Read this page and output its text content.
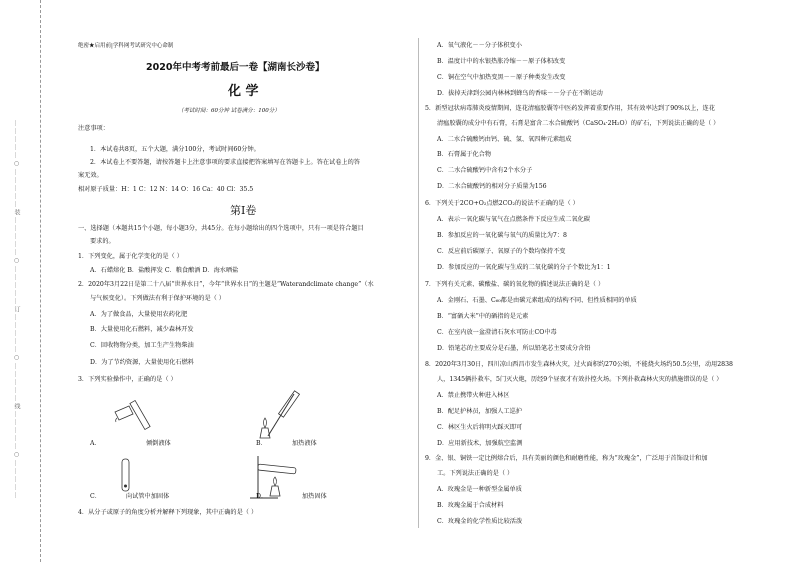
……………○……………装……………○……………订……………○……………线……………○……………
绝密★启用前|学科网考试研究中心命制
2020年中考考前最后一卷【湖南长沙卷】
化 学
（考试时间：60分钟 试卷满分：100分）
注意事项：
1．本试卷共8页，五个大题，满分100分，考试时间60分钟。
2．本试卷上不要答题，请按答题卡上注意事项的要求直接把答案填写在答题卡上。答在试卷上的答
案无效。
相对原子质量：H：1 C：12 N：14 O：16 Ca：40 Cl：35.5
第Ⅰ卷
一、选择题（本题共15个小题，每小题3分，共45分。在每小题给出的四个选项中，只有一项是符合题目
要求的。
1．下列变化，属于化学变化的是（ ）
A．石蜡熔化 B．盐酸挥发 C．粮食酿酒 D．海水晒盐
2．2020年3月22日是第二十八届“世界水日”，今年“世界水日”的主题是“Waterandclimate change”（水
与气候变化）。下列做法有利于保护环境的是（ ）
A．为了做食品，大量使用农药化肥
B．大量使用化石燃料，减少森林开发
C．回收物物分类，加工生产生物柴油
D．为了节约资源，大量使用化石燃料
3．下列实验操作中，正确的是（ ）
A．	倾倒液体	B．	加热液体
C．	向试管中加固体	D．	加热固体
4．从分子或原子的角度分析并解释下列现象，其中正确的是（ ）
A．氧气液化－－分子体积变小
B．温度计中的水银热胀冷缩－－原子体积改变
C．铜在空气中加热变黑－－原子种类发生改变
D．拔掉天津到公园内林林到蜂鸟的香味－－分子在不断运动
5．新型冠状病毒肺炎疫情期间，连花清瘟胶囊等中医药发挥着重要作用，其有效率达到了90%以上，连花
清瘟胶囊的成分中有石膏，石膏是富含二水合硫酸钙（CaSO₄·2H₂O）的矿石，下列说法正确的是（ ）
A．二水合硫酸钙由钙、硫、氢、氧四种元素组成
B．石膏属于化合物
C．二水合硫酸钙中含有2个水分子
D．二水合硫酸钙的相对分子质量为156
6．下列关于2CO+O₂点燃2CO₂的说法不正确的是（ ）
A．表示一氧化碳与氧气在点燃条件下反应生成二氧化碳
B．参加反应的一氧化碳与氧气的质量比为7：8
C．反应前后碳原子、氧原子的个数均保持不变
D．参加反应的一氧化碳与生成的二氧化碳的分子个数比为1：1
7．下列有关元素、碳酸盐、碳的氧化物的描述说法正确的是（ ）
A．金刚石、石墨、C₆₀都是由碳元素组成的结构不同、但性质相同的单质
B．“富硒大米”中的硒指的是元素
C．在室内放一盆澄清石灰水可防止CO中毒
D．铅笔芯的主要成分是石墨，所以铅笔芯主要成分含铅
8．2020年3月30日，四川凉山西昌市发生森林火灾，过火面积约270公顷，不能烧火场约50.5公里，动用2838
人，1345辆扑救车，5门灭火炮，历经9个昼夜才有效扑控火场。下列扑救森林火灾的措施错误的是（ ）
A．禁止携带火种进入林区
B．配足护林员，加强人工巡护
C．林区生火后将明火踩灭即可
D．应用新技术，加强航空监测
9．金、银、铜铁一定比例熔合后，具有美丽的颜色和耐磨性能，称为“玫瑰金”，广泛用于首饰设计和加
工。下列说法正确的是（ ）
A．玫瑰金是一种新型金属单质
B．玫瑰金属于合成材料
C．玫瑰金的化学性质比较活泼
